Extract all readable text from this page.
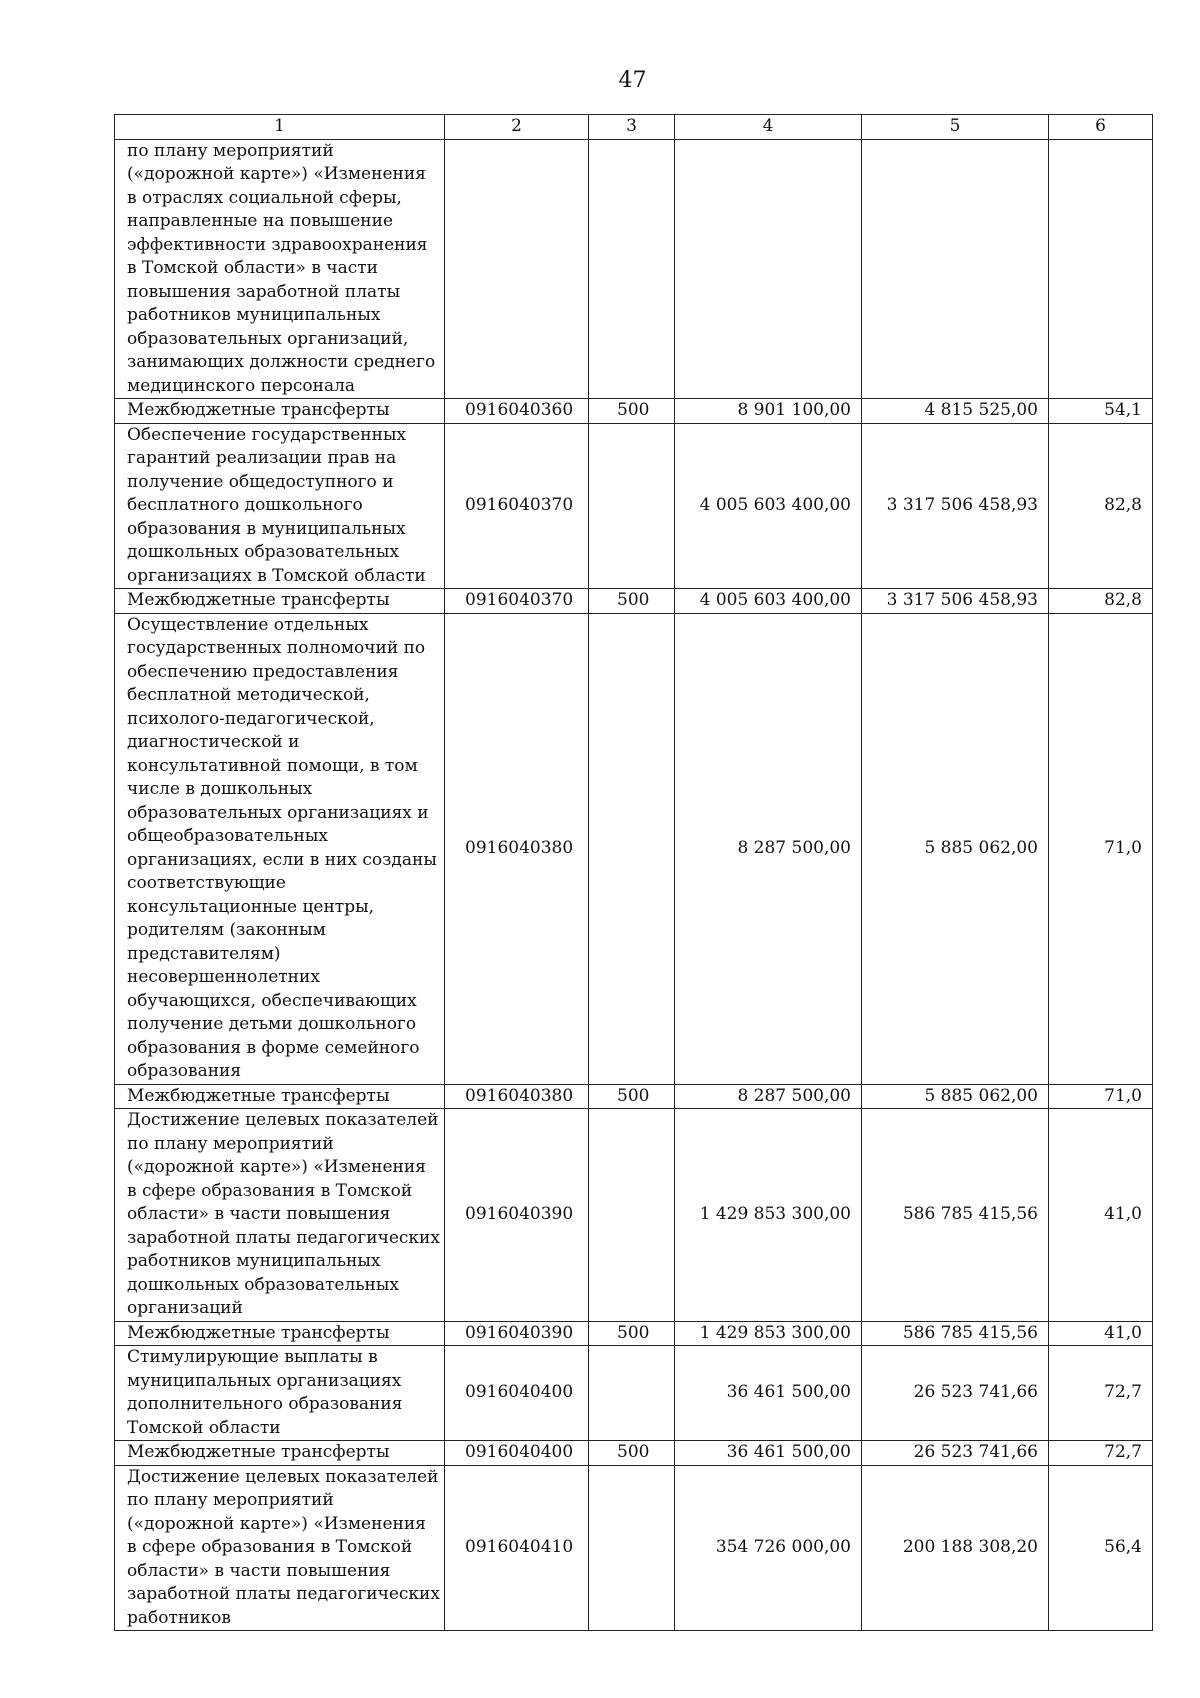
47
1	2	3	4	5	6
по плану мероприятий («дорожной карте») «Изменения в отраслях социальной сферы, направленные на повышение эффективности здравоохранения в Томской области» в части повышения заработной платы работников муниципальных образовательных организаций, занимающих должности среднего медицинского персонала					
Межбюджетные трансферты	0916040360	500	8 901 100,00	4 815 525,00	54,1
Обеспечение государственных гарантий реализации прав на получение общедоступного и бесплатного дошкольного образования в муниципальных дошкольных образовательных организациях в Томской области	0916040370		4 005 603 400,00	3 317 506 458,93	82,8
Межбюджетные трансферты	0916040370	500	4 005 603 400,00	3 317 506 458,93	82,8
Осуществление отдельных государственных полномочий по обеспечению предоставления бесплатной методической, психолого-педагогической, диагностической и консультативной помощи, в том числе в дошкольных образовательных организациях и общеобразовательных организациях, если в них созданы соответствующие консультационные центры, родителям (законным представителям) несовершеннолетних обучающихся, обеспечивающих получение детьми дошкольного образования в форме семейного образования	0916040380		8 287 500,00	5 885 062,00	71,0
Межбюджетные трансферты	0916040380	500	8 287 500,00	5 885 062,00	71,0
Достижение целевых показателей по плану мероприятий («дорожной карте») «Изменения в сфере образования в Томской области» в части повышения заработной платы педагогических работников муниципальных дошкольных образовательных организаций	0916040390		1 429 853 300,00	586 785 415,56	41,0
Межбюджетные трансферты	0916040390	500	1 429 853 300,00	586 785 415,56	41,0
Стимулирующие выплаты в муниципальных организациях дополнительного образования Томской области	0916040400		36 461 500,00	26 523 741,66	72,7
Межбюджетные трансферты	0916040400	500	36 461 500,00	26 523 741,66	72,7
Достижение целевых показателей по плану мероприятий («дорожной карте») «Изменения в сфере образования в Томской области» в части повышения заработной платы педагогических работников	0916040410		354 726 000,00	200 188 308,20	56,4
